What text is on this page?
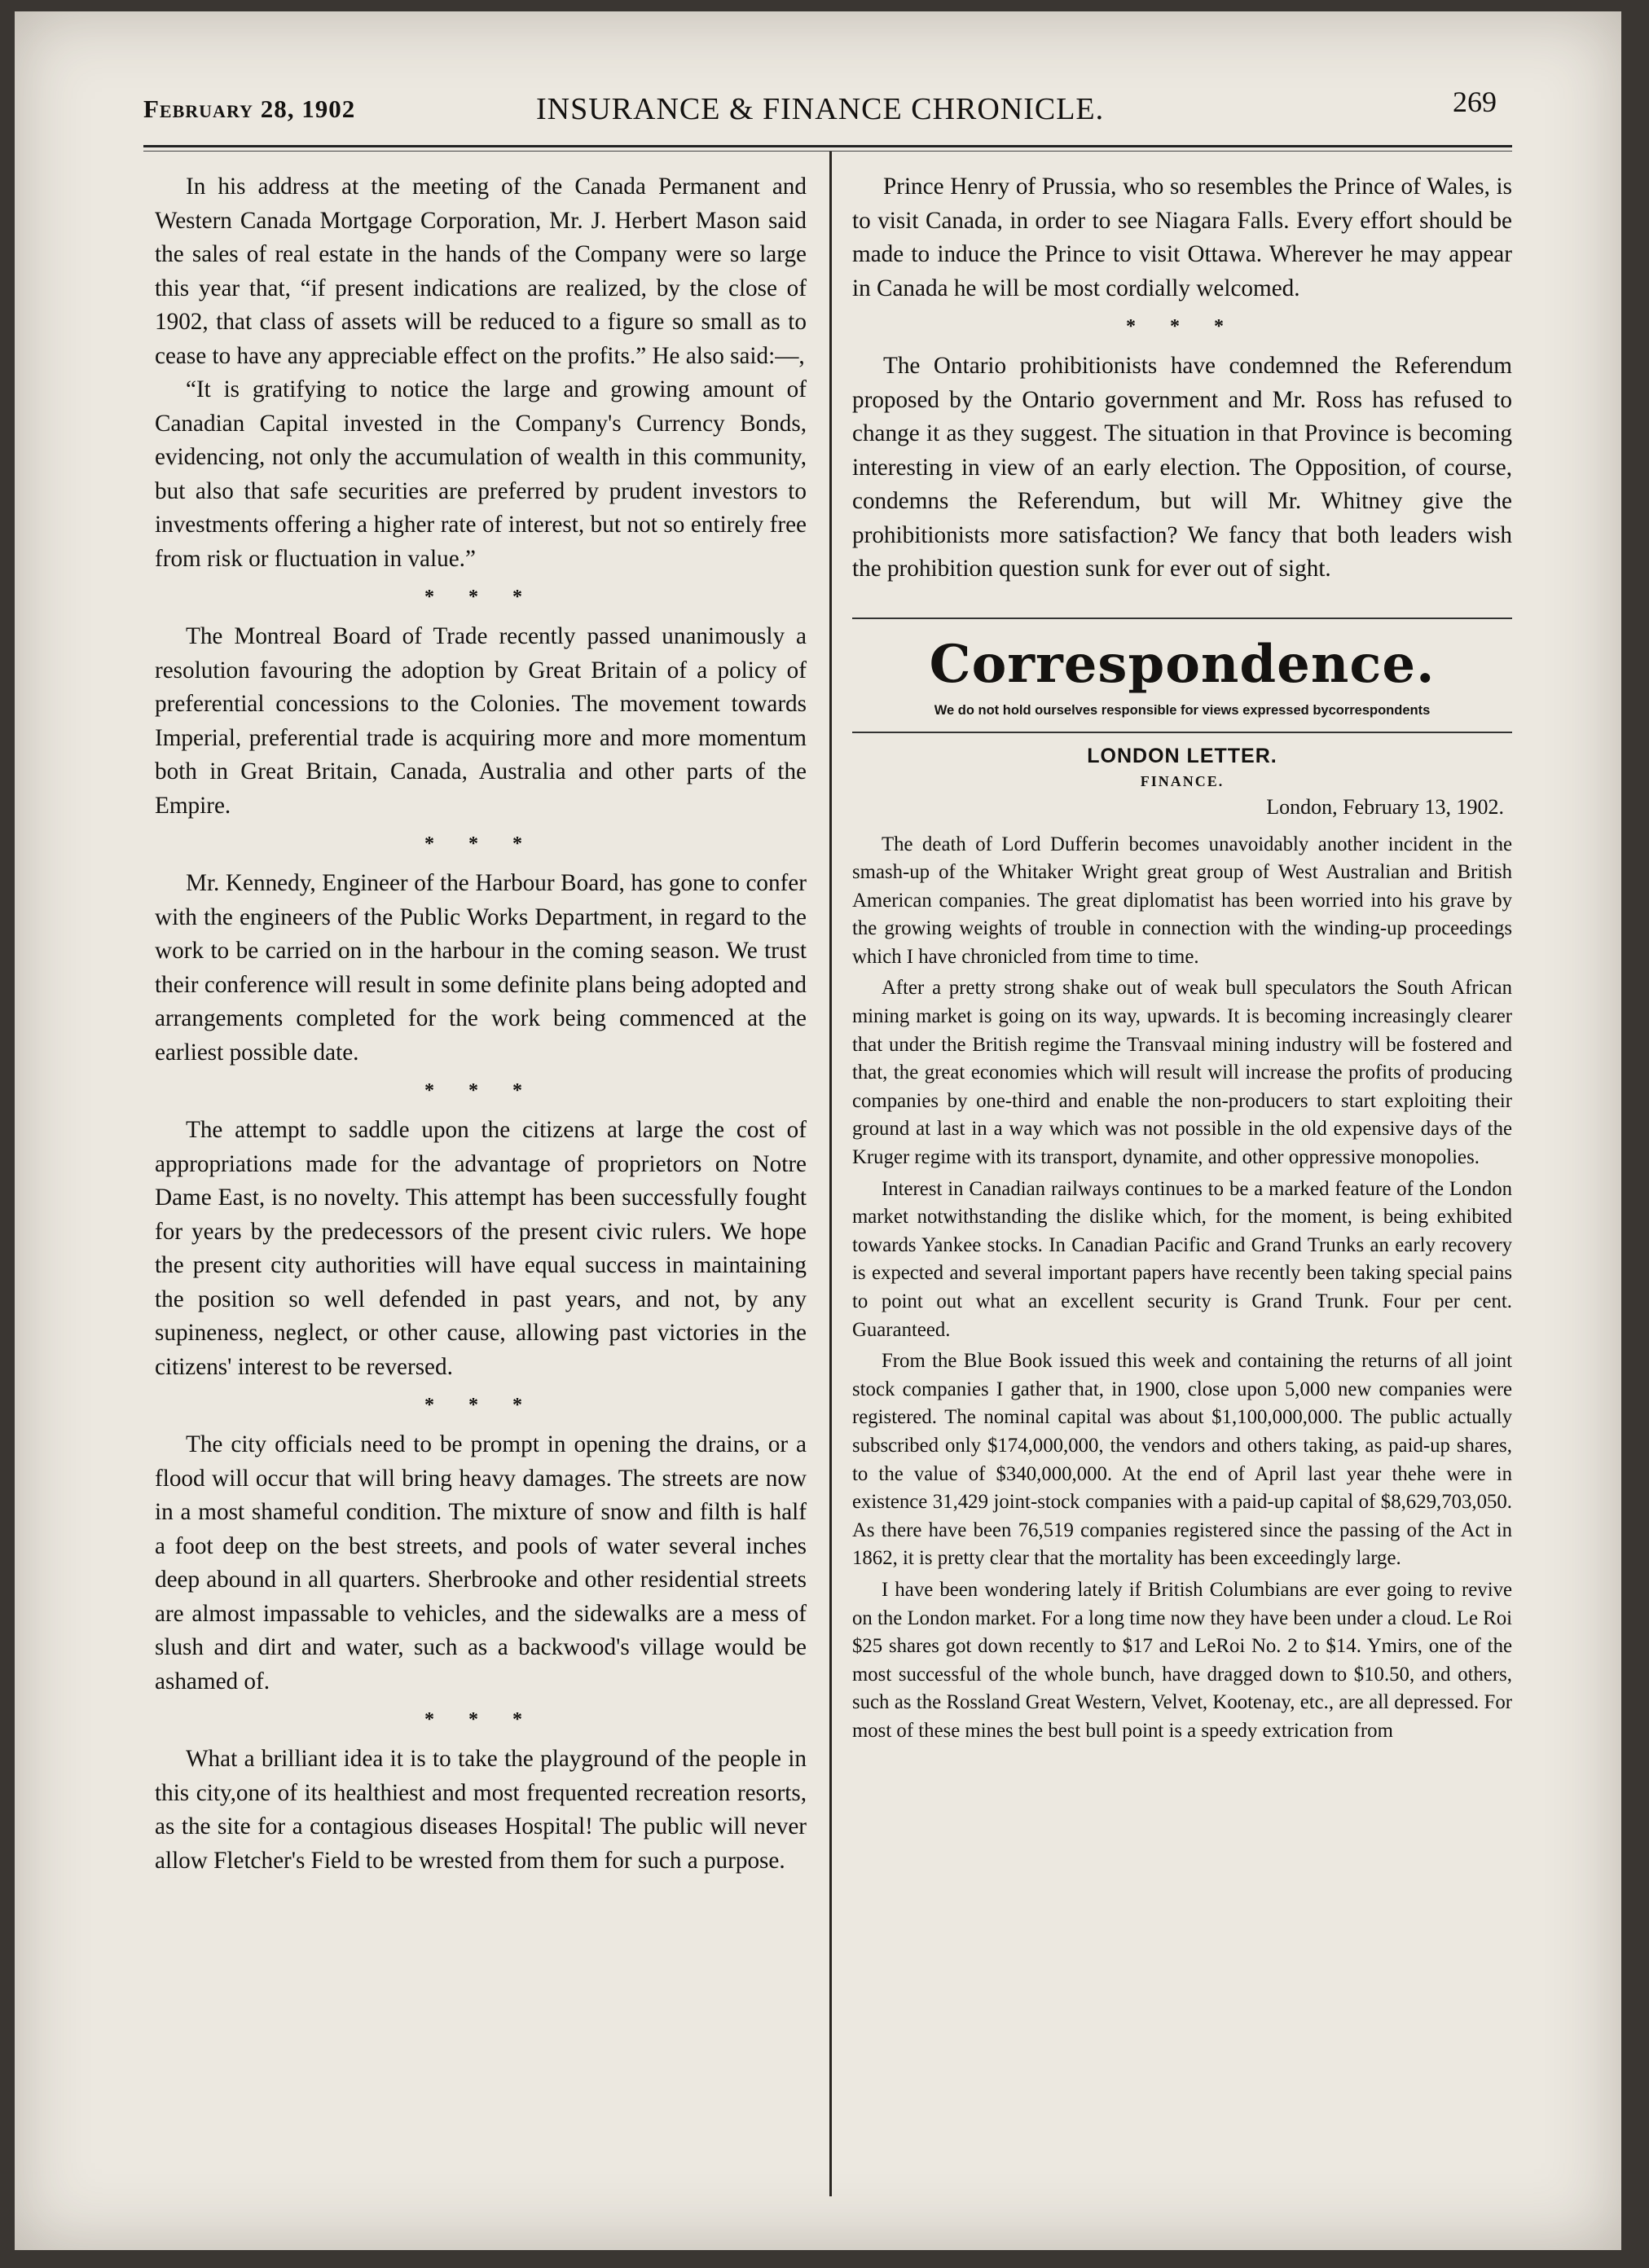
February 28, 1902	INSURANCE & FINANCE CHRONICLE.	269

In his address at the meeting of the Canada Permanent and Western Canada Mortgage Corporation, Mr. J. Herbert Mason said the sales of real estate in the hands of the Company were so large this year that, “if present indications are realized, by the close of 1902, that class of assets will be reduced to a figure so small as to cease to have any appreciable effect on the profits.” He also said:—,

“It is gratifying to notice the large and growing amount of Canadian Capital invested in the Company's Currency Bonds, evidencing, not only the accumulation of wealth in this community, but also that safe securities are preferred by prudent investors to investments offering a higher rate of interest, but not so entirely free from risk or fluctuation in value.”

* * *

The Montreal Board of Trade recently passed unanimously a resolution favouring the adoption by Great Britain of a policy of preferential concessions to the Colonies. The movement towards Imperial, preferential trade is acquiring more and more momentum both in Great Britain, Canada, Australia and other parts of the Empire.

* * *

Mr. Kennedy, Engineer of the Harbour Board, has gone to confer with the engineers of the Public Works Department, in regard to the work to be carried on in the harbour in the coming season. We trust their conference will result in some definite plans being adopted and arrangements completed for the work being commenced at the earliest possible date.

* * *

The attempt to saddle upon the citizens at large the cost of appropriations made for the advantage of proprietors on Notre Dame East, is no novelty. This attempt has been successfully fought for years by the predecessors of the present civic rulers. We hope the present city authorities will have equal success in maintaining the position so well defended in past years, and not, by any supineness, neglect, or other cause, allowing past victories in the citizens' interest to be reversed.

* * *

The city officials need to be prompt in opening the drains, or a flood will occur that will bring heavy damages. The streets are now in a most shameful condition. The mixture of snow and filth is half a foot deep on the best streets, and pools of water several inches deep abound in all quarters. Sherbrooke and other residential streets are almost impassable to vehicles, and the sidewalks are a mess of slush and dirt and water, such as a backwood's village would be ashamed of.

* * *

What a brilliant idea it is to take the playground of the people in this city,one of its healthiest and most frequented recreation resorts, as the site for a contagious diseases Hospital! The public will never allow Fletcher's Field to be wrested from them for such a purpose.

Prince Henry of Prussia, who so resembles the Prince of Wales, is to visit Canada, in order to see Niagara Falls. Every effort should be made to induce the Prince to visit Ottawa. Wherever he may appear in Canada he will be most cordially welcomed.

* * *

The Ontario prohibitionists have condemned the Referendum proposed by the Ontario government and Mr. Ross has refused to change it as they suggest. The situation in that Province is becoming interesting in view of an early election. The Opposition, of course, condemns the Referendum, but will Mr. Whitney give the prohibitionists more satisfaction? We fancy that both leaders wish the prohibition question sunk for ever out of sight.

Correspondence.
We do not hold ourselves responsible for views expressed bycorrespondents
LONDON LETTER.
FINANCE.
London, February 13, 1902.

The death of Lord Dufferin becomes unavoidably another incident in the smash-up of the Whitaker Wright great group of West Australian and British American companies. The great diplomatist has been worried into his grave by the growing weights of trouble in connection with the winding-up proceedings which I have chronicled from time to time.

After a pretty strong shake out of weak bull speculators the South African mining market is going on its way, upwards. It is becoming increasingly clearer that under the British regime the Transvaal mining industry will be fostered and that, the great economies which will result will increase the profits of producing companies by one-third and enable the non-producers to start exploiting their ground at last in a way which was not possible in the old expensive days of the Kruger regime with its transport, dynamite, and other oppressive monopolies.

Interest in Canadian railways continues to be a marked feature of the London market notwithstanding the dislike which, for the moment, is being exhibited towards Yankee stocks. In Canadian Pacific and Grand Trunks an early recovery is expected and several important papers have recently been taking special pains to point out what an excellent security is Grand Trunk. Four per cent. Guaranteed.

From the Blue Book issued this week and containing the returns of all joint stock companies I gather that, in 1900, close upon 5,000 new companies were registered. The nominal capital was about $1,100,000,000. The public actually subscribed only $174,000,000, the vendors and others taking, as paid-up shares, to the value of $340,000,000. At the end of April last year thehe were in existence 31,429 joint-stock companies with a paid-up capital of $8,629,703,050. As there have been 76,519 companies registered since the passing of the Act in 1862, it is pretty clear that the mortality has been exceedingly large.

I have been wondering lately if British Columbians are ever going to revive on the London market. For a long time now they have been under a cloud. Le Roi $25 shares got down recently to $17 and LeRoi No. 2 to $14. Ymirs, one of the most successful of the whole bunch, have dragged down to $10.50, and others, such as the Rossland Great Western, Velvet, Kootenay, etc., are all depressed. For most of these mines the best bull point is a speedy extrication from
